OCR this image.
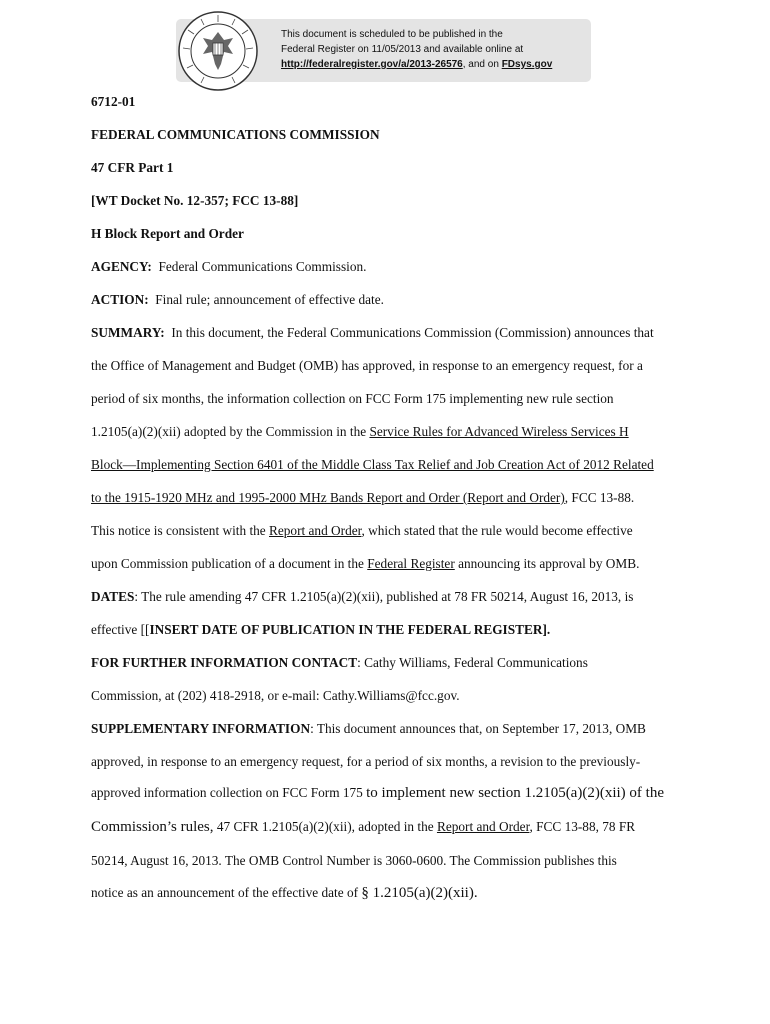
This document is scheduled to be published in the
Federal Register on 11/05/2013 and available online at
http://federalregister.gov/a/2013-26576, and on FDsys.gov
6712-01
FEDERAL COMMUNICATIONS COMMISSION
47 CFR Part 1
[WT Docket No. 12-357; FCC 13-88]
H Block Report and Order
AGENCY: Federal Communications Commission.
ACTION: Final rule; announcement of effective date.
SUMMARY: In this document, the Federal Communications Commission (Commission) announces that
the Office of Management and Budget (OMB) has approved, in response to an emergency request, for a
period of six months, the information collection on FCC Form 175 implementing new rule section
1.2105(a)(2)(xii) adopted by the Commission in the Service Rules for Advanced Wireless Services H
Block—Implementing Section 6401 of the Middle Class Tax Relief and Job Creation Act of 2012 Related
to the 1915-1920 MHz and 1995-2000 MHz Bands Report and Order (Report and Order), FCC 13-88.
This notice is consistent with the Report and Order, which stated that the rule would become effective
upon Commission publication of a document in the Federal Register announcing its approval by OMB.
DATES: The rule amending 47 CFR 1.2105(a)(2)(xii), published at 78 FR 50214, August 16, 2013, is
effective [[INSERT DATE OF PUBLICATION IN THE FEDERAL REGISTER].
FOR FURTHER INFORMATION CONTACT: Cathy Williams, Federal Communications
Commission, at (202) 418-2918, or e-mail: Cathy.Williams@fcc.gov.
SUPPLEMENTARY INFORMATION: This document announces that, on September 17, 2013, OMB
approved, in response to an emergency request, for a period of six months, a revision to the previously-
approved information collection on FCC Form 175 to implement new section 1.2105(a)(2)(xii) of the
Commission’s rules, 47 CFR 1.2105(a)(2)(xii), adopted in the Report and Order, FCC 13-88, 78 FR
50214, August 16, 2013. The OMB Control Number is 3060-0600. The Commission publishes this
notice as an announcement of the effective date of § 1.2105(a)(2)(xii).
